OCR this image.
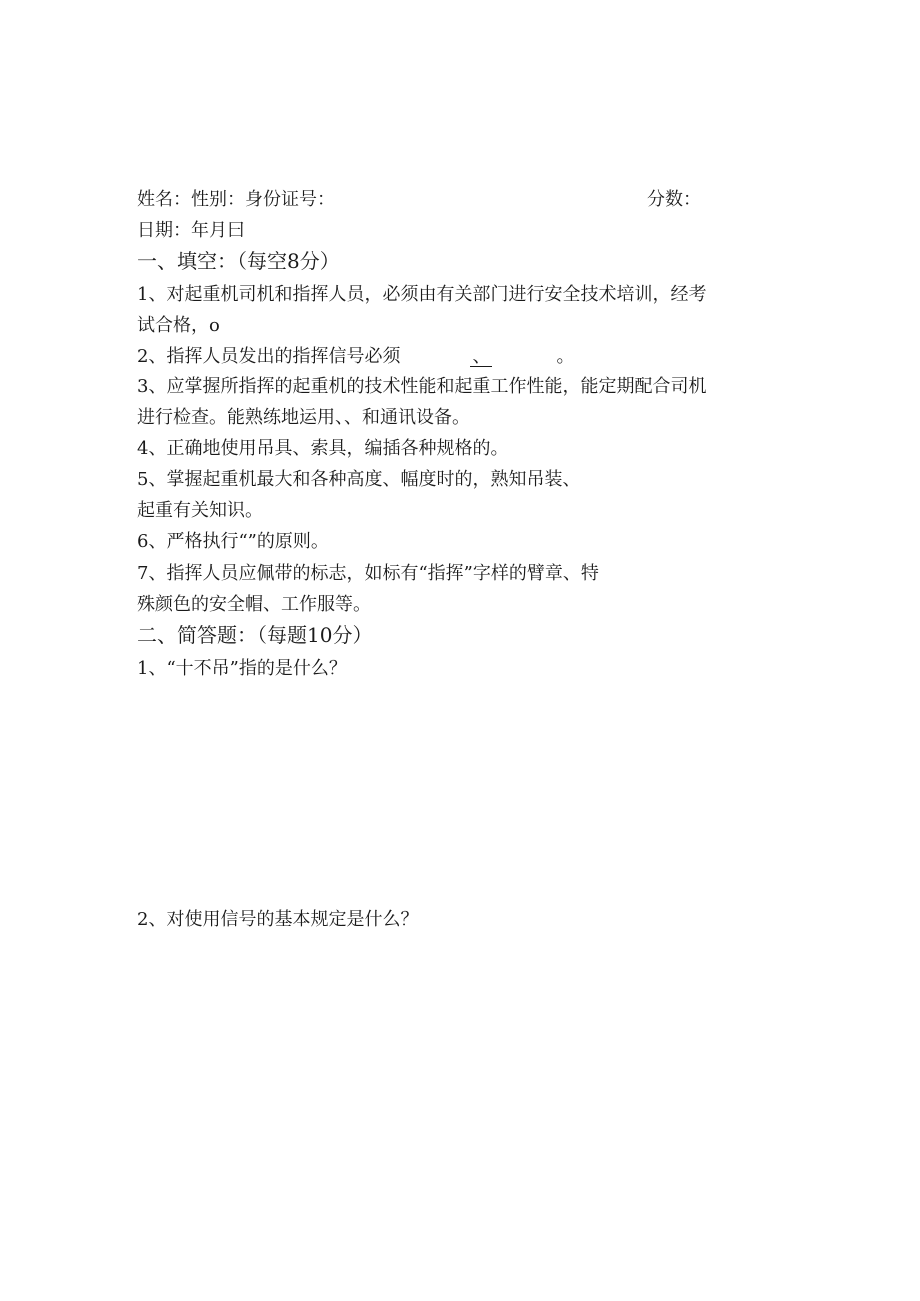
姓名：性别：身份证号：	分数：
日期：年月曰
一、填空：（每空8分）
1、对起重机司机和指挥人员，必须由有关部门进行安全技术培训，经考
试合格，o
2、指挥人员发出的指挥信号必须	、	。
3、应掌握所指挥的起重机的技术性能和起重工作性能，能定期配合司机
进行检查。能熟练地运用、、和通讯设备。
4、正确地使用吊具、索具，编插各种规格的。
5、掌握起重机最大和各种高度、幅度时的，熟知吊装、
起重有关知识。
6、严格执行“”的原则。
7、指挥人员应佩带的标志，如标有“指挥”字样的臂章、特
殊颜色的安全帽、工作服等。
二、简答题：（每题10分）
1、“十不吊”指的是什么？
2、对使用信号的基本规定是什么？
